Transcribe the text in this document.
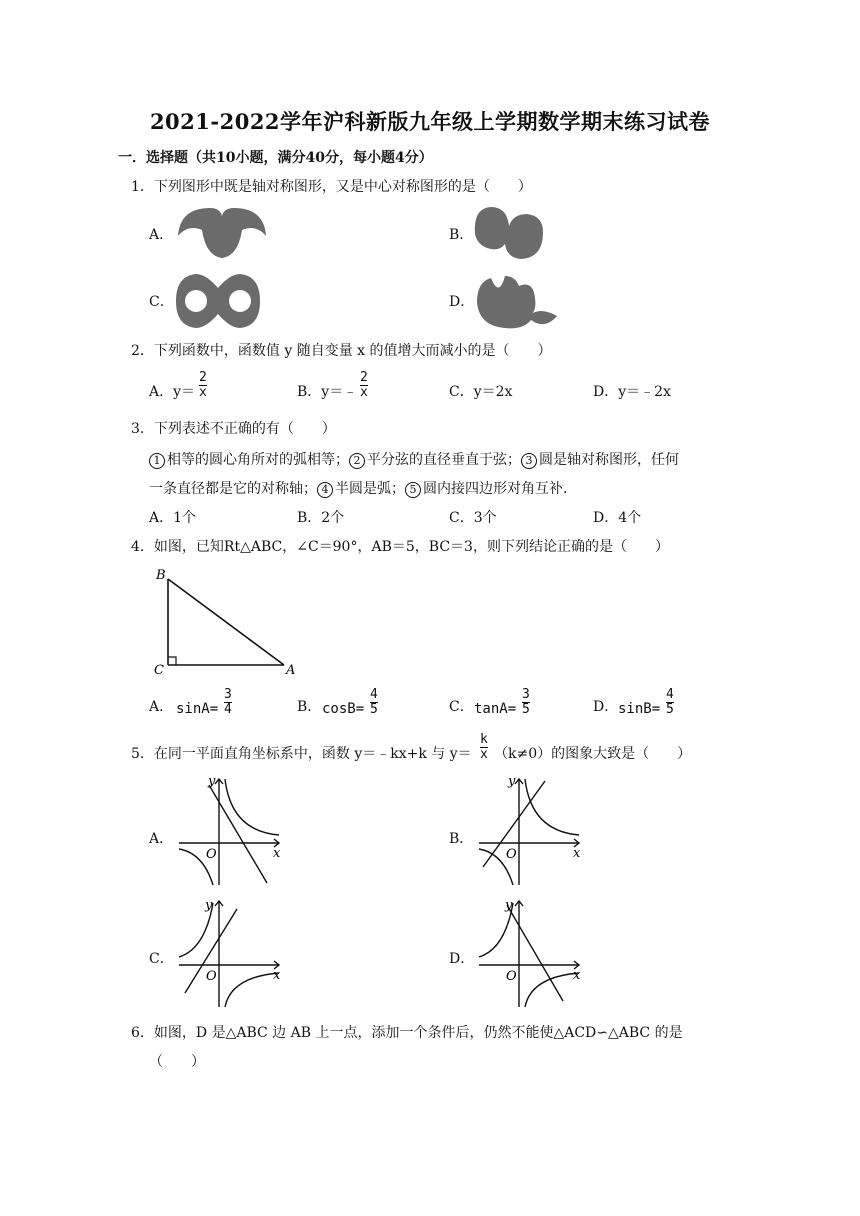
2021-2022学年沪科新版九年级上学期数学期末练习试卷
一．选择题（共10小题，满分40分，每小题4分）
1．下列图形中既是轴对称图形，又是中心对称图形的是（　　）
A．	B．
C．	D．
2．下列函数中，函数值 y 随自变量 x 的值增大而减小的是（　　）
A．y＝
2
x	B．y＝﹣
2
x	C．y＝2x	D．y＝﹣2x
3．下列表述不正确的有（　　）
1 相等的圆心角所对的弧相等； 2 平分弦的直径垂直于弦； 3 圆是轴对称图形，任何
一条直径都是它的对称轴； 4 半圆是弧； 5 圆内接四边形对角互补．
A．1个	B．2个	C．3个	D．4个
4．如图，已知Rt△ABC，∠C＝90°，AB＝5，BC＝3，则下列结论正确的是（　　）
B
C	A
A． sinA=
3
4	B． cosB=
4
5	C． tanA=
3
5	D． sinB=
4
5
5．在同一平面直角坐标系中，函数 y＝﹣kx+k 与 y＝
k
x （k≠0）的图象大致是（　　）
A．	B．
C．	D．
y
x
O
y
x
O
y
x
O
y
x
O
6．如图，D 是△ABC 边 AB 上一点，添加一个条件后，仍然不能使△ACD∽△ABC 的是
（　　）
